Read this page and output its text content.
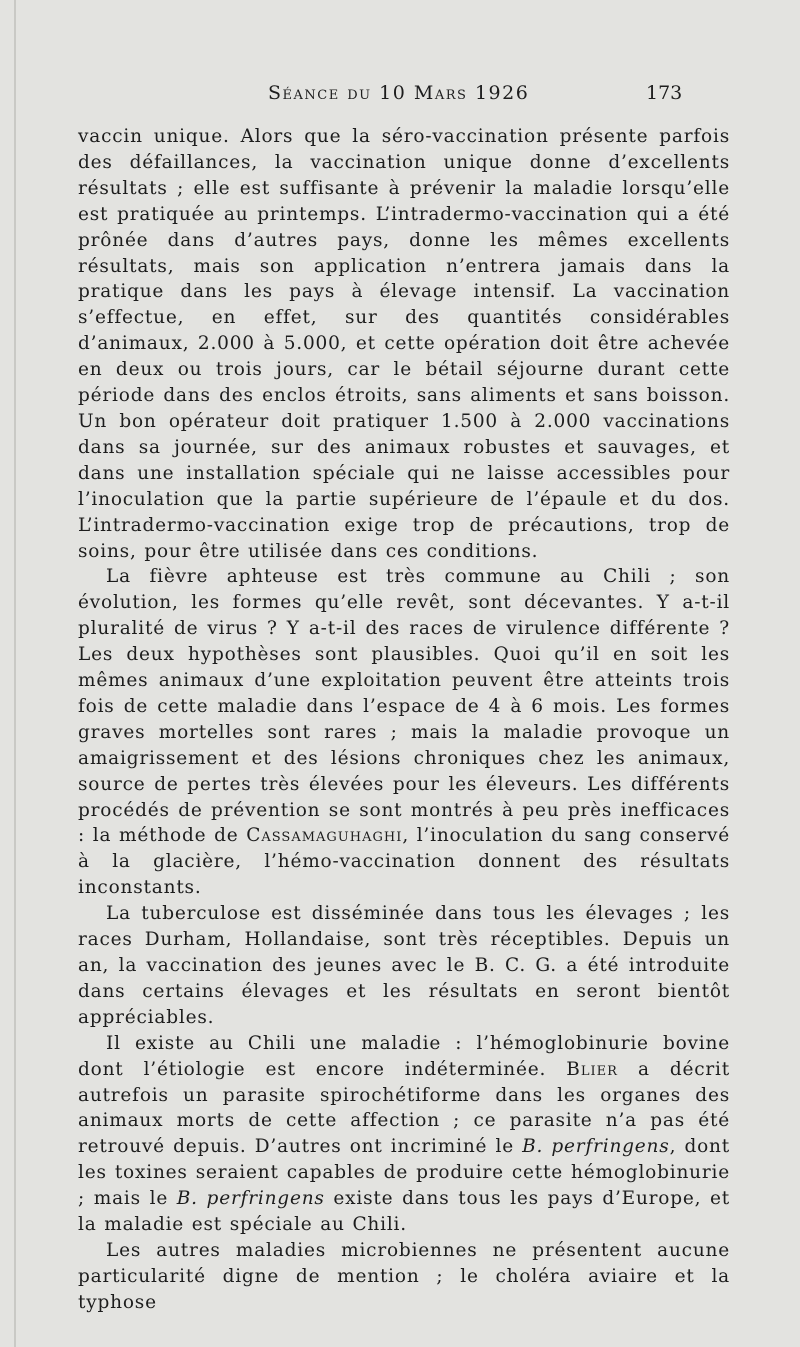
Séance du 10 Mars 1926	173

vaccin unique. Alors que la séro-vaccination présente parfois des défaillances, la vaccination unique donne d’excellents résultats ; elle est suffisante à prévenir la maladie lorsqu’elle est pratiquée au printemps. L’intradermo-vaccination qui a été prônée dans d’autres pays, donne les mêmes excellents résultats, mais son application n’entrera jamais dans la pratique dans les pays à élevage intensif. La vaccination s’effectue, en effet, sur des quantités considérables d’animaux, 2.000 à 5.000, et cette opération doit être achevée en deux ou trois jours, car le bétail séjourne durant cette période dans des enclos étroits, sans aliments et sans boisson. Un bon opérateur doit pratiquer 1.500 à 2.000 vaccinations dans sa journée, sur des animaux robustes et sauvages, et dans une installation spéciale qui ne laisse accessibles pour l’inoculation que la partie supérieure de l’épaule et du dos. L’intradermo-vaccination exige trop de précautions, trop de soins, pour être utilisée dans ces conditions.

La fièvre aphteuse est très commune au Chili ; son évolution, les formes qu’elle revêt, sont décevantes. Y a-t-il pluralité de virus ? Y a-t-il des races de virulence différente ? Les deux hypothèses sont plausibles. Quoi qu’il en soit les mêmes animaux d’une exploitation peuvent être atteints trois fois de cette maladie dans l’espace de 4 à 6 mois. Les formes graves mortelles sont rares ; mais la maladie provoque un amaigrissement et des lésions chroniques chez les animaux, source de pertes très élevées pour les éleveurs. Les différents procédés de prévention se sont montrés à peu près inefficaces : la méthode de Cassamaguhaghi, l’inoculation du sang conservé à la glacière, l’hémo-vaccination donnent des résultats inconstants.

La tuberculose est disséminée dans tous les élevages ; les races Durham, Hollandaise, sont très réceptibles. Depuis un an, la vaccination des jeunes avec le B. C. G. a été introduite dans certains élevages et les résultats en seront bientôt appréciables.

Il existe au Chili une maladie : l’hémoglobinurie bovine dont l’étiologie est encore indéterminée. Blier a décrit autrefois un parasite spirochétiforme dans les organes des animaux morts de cette affection ; ce parasite n’a pas été retrouvé depuis. D’autres ont incriminé le B. perfringens, dont les toxines seraient capables de produire cette hémoglobinurie ; mais le B. perfringens existe dans tous les pays d’Europe, et la maladie est spéciale au Chili.

Les autres maladies microbiennes ne présentent aucune particularité digne de mention ; le choléra aviaire et la typhose
